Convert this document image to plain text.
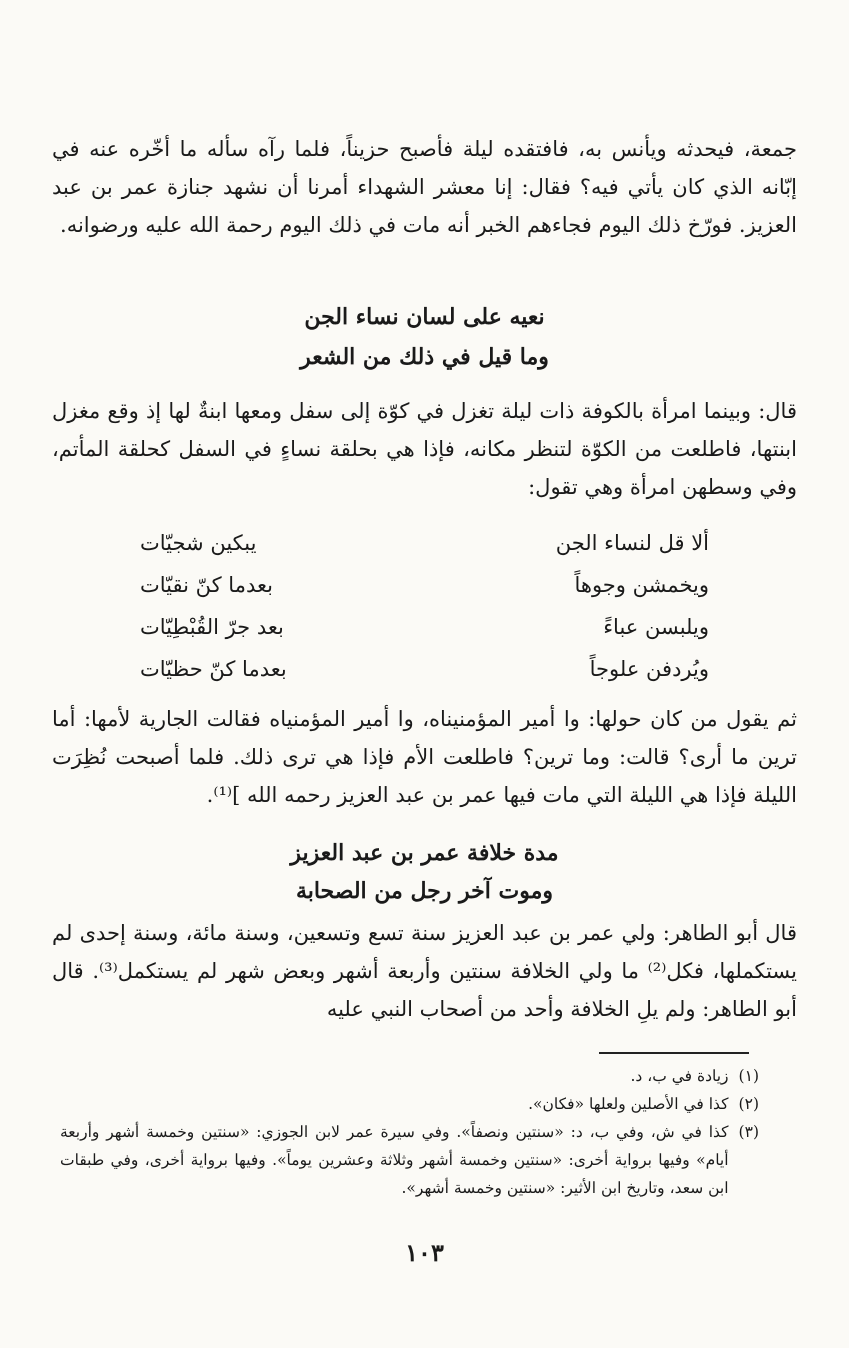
جمعة، فيحدثه ويأنس به، فافتقده ليلة فأصبح حزيناً، فلما رآه سأله ما أخّره عنه في إبّانه الذي كان يأتي فيه؟ فقال: إنا معشر الشهداء أمرنا أن نشهد جنازة عمر بن عبد العزيز. فورّخ ذلك اليوم فجاءهم الخبر أنه مات في ذلك اليوم رحمة الله عليه ورضوانه.

نعيه على لسان نساء الجن
وما قيل في ذلك من الشعر

قال: وبينما امرأة بالكوفة ذات ليلة تغزل في كوّة إلى سفل ومعها ابنةٌ لها إذ وقع مغزل ابنتها، فاطلعت من الكوّة لتنظر مكانه، فإذا هي بحلقة نساءٍ في السفل كحلقة المأتم، وفي وسطهن امرأة وهي تقول:

ألا قل لنساء الجن
يبكين شجيّات
ويخمشن وجوهاً
بعدما كنّ نقيّات
ويلبسن عباءً
بعد جرّ القُبْطِيّات
ويُردفن علوجاً
بعدما كنّ حظيّات

ثم يقول من كان حولها: وا أمير المؤمنيناه، وا أمير المؤمنياه فقالت الجارية لأمها: أما ترين ما أرى؟ قالت: وما ترين؟ فاطلعت الأم فإذا هي ترى ذلك. فلما أصبحت نُظِرَت الليلة فإذا هي الليلة التي مات فيها عمر بن عبد العزيز رحمه الله ]⁽¹⁾.

مدة خلافة عمر بن عبد العزيز
وموت آخر رجل من الصحابة

قال أبو الطاهر: ولي عمر بن عبد العزيز سنة تسع وتسعين، وسنة مائة، وسنة إحدى لم يستكملها، فكل⁽²⁾ ما ولي الخلافة سنتين وأربعة أشهر وبعض شهر لم يستكمل⁽³⁾. قال أبو الطاهر: ولم يلِ الخلافة وأحد من أصحاب النبي عليه

(١)
زيادة في ب، د.
(٢)
كذا في الأصلين ولعلها «فكان».
(٣)
كذا في ش، وفي ب، د: «سنتين ونصفاً». وفي سيرة عمر لابن الجوزي: «سنتين وخمسة أشهر وأربعة أيام» وفيها برواية أخرى: «سنتين وخمسة أشهر وثلاثة وعشرين يوماً». وفيها برواية أخرى، وفي طبقات ابن سعد، وتاريخ ابن الأثير: «سنتين وخمسة أشهر».
١٠٣
